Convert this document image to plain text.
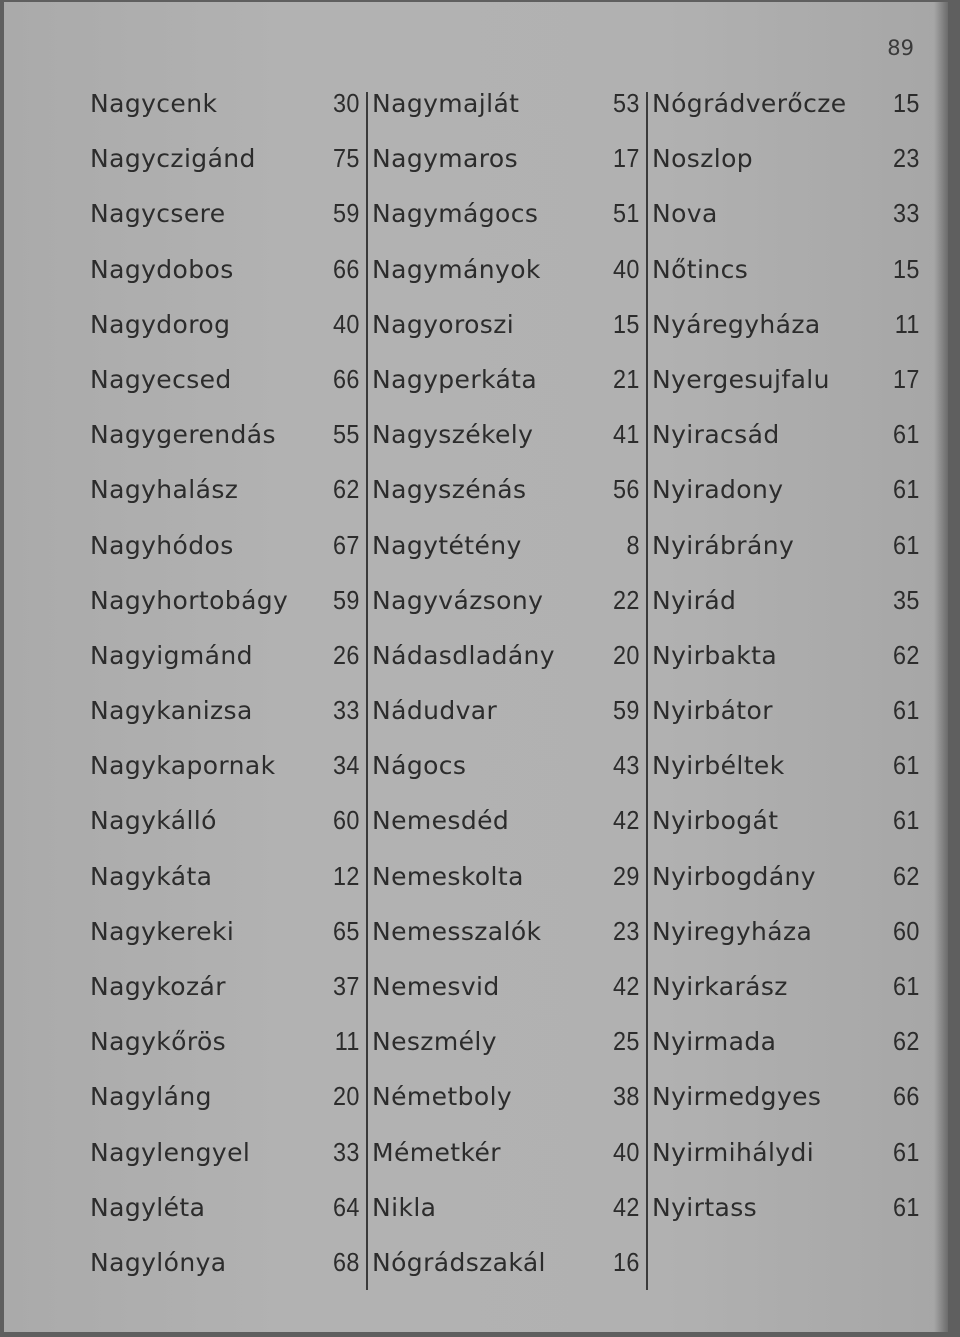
89
Nagycenk	30
Nagyczigánd	75
Nagycsere	59
Nagydobos	66
Nagydorog	40
Nagyecsed	66
Nagygerendás 55
Nagyhalász	62
Nagyhódos	67
Nagyhortobágy 59
Nagyigmánd	26
Nagykanizsa	33
Nagykapornak 34
Nagykálló	60
Nagykáta	12
Nagykereki	65
Nagykozár	37
Nagykőrös	11
Nagyláng	20
Nagylengyel	33
Nagyléta	64
Nagylónya	68
Nagymajlát	53
Nagymaros	17
Nagymágocs	51
Nagymányok	40
Nagyoroszi	15
Nagyperkáta	21
Nagyszékely	41
Nagyszénás	56
Nagytétény	8
Nagyvázsony	22
Nádasdladány 20
Nádudvar	59
Nágocs	43
Nemesdéd	42
Nemeskolta	29
Nemesszalók	23
Nemesvid	42
Neszmély	25
Németboly	38
Mémetkér	40
Nikla	42
Nógrádszakál	16
Nógrádverőcze 15
Noszlop	23
Nova	33
Nőtincs	15
Nyáregyháza	11
Nyergesujfalu 17
Nyiracsád	61
Nyiradony	61
Nyirábrány	61
Nyirád	35
Nyirbakta	62
Nyirbátor	61
Nyirbéltek	61
Nyirbogát	61
Nyirbogdány	62
Nyiregyháza	60
Nyirkarász	61
Nyirmada	62
Nyirmedgyes	66
Nyirmihálydi	61
Nyirtass	61
